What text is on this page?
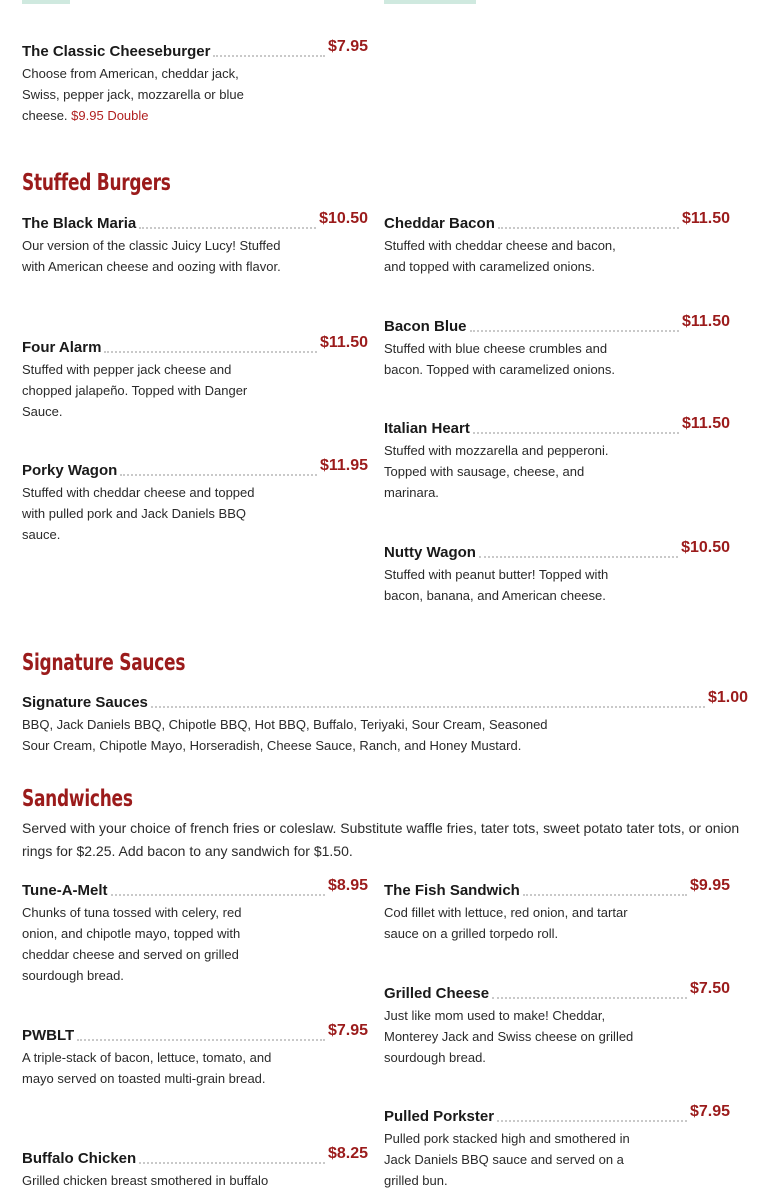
The Classic Cheeseburger	$7.95
Choose from American, cheddar jack, Swiss, pepper jack, mozzarella or blue cheese. $9.95 Double
Stuffed Burgers
The Black Maria	$10.50
Our version of the classic Juicy Lucy! Stuffed with American cheese and oozing with flavor.
Four Alarm	$11.50
Stuffed with pepper jack cheese and chopped jalapeño. Topped with Danger Sauce.
Porky Wagon	$11.95
Stuffed with cheddar cheese and topped with pulled pork and Jack Daniels BBQ sauce.
Cheddar Bacon	$11.50
Stuffed with cheddar cheese and bacon, and topped with caramelized onions.
Bacon Blue	$11.50
Stuffed with blue cheese crumbles and bacon. Topped with caramelized onions.
Italian Heart	$11.50
Stuffed with mozzarella and pepperoni. Topped with sausage, cheese, and marinara.
Nutty Wagon	$10.50
Stuffed with peanut butter! Topped with bacon, banana, and American cheese.
Signature Sauces
Signature Sauces	$1.00
BBQ, Jack Daniels BBQ, Chipotle BBQ, Hot BBQ, Buffalo, Teriyaki, Sour Cream, Seasoned Sour Cream, Chipotle Mayo, Horseradish, Cheese Sauce, Ranch, and Honey Mustard.
Sandwiches

Served with your choice of french fries or coleslaw. Substitute waffle fries, tater tots, sweet potato tater tots, or onion rings for $2.25. Add bacon to any sandwich for $1.50.

Tune-A-Melt	$8.95
Chunks of tuna tossed with celery, red onion, and chipotle mayo, topped with cheddar cheese and served on grilled sourdough bread.
PWBLT	$7.95
A triple-stack of bacon, lettuce, tomato, and mayo served on toasted multi-grain bread.
Buffalo Chicken	$8.25
Grilled chicken breast smothered in buffalo
The Fish Sandwich	$9.95
Cod fillet with lettuce, red onion, and tartar sauce on a grilled torpedo roll.
Grilled Cheese	$7.50
Just like mom used to make! Cheddar, Monterey Jack and Swiss cheese on grilled sourdough bread.
Pulled Porkster	$7.95
Pulled pork stacked high and smothered in Jack Daniels BBQ sauce and served on a grilled bun.
